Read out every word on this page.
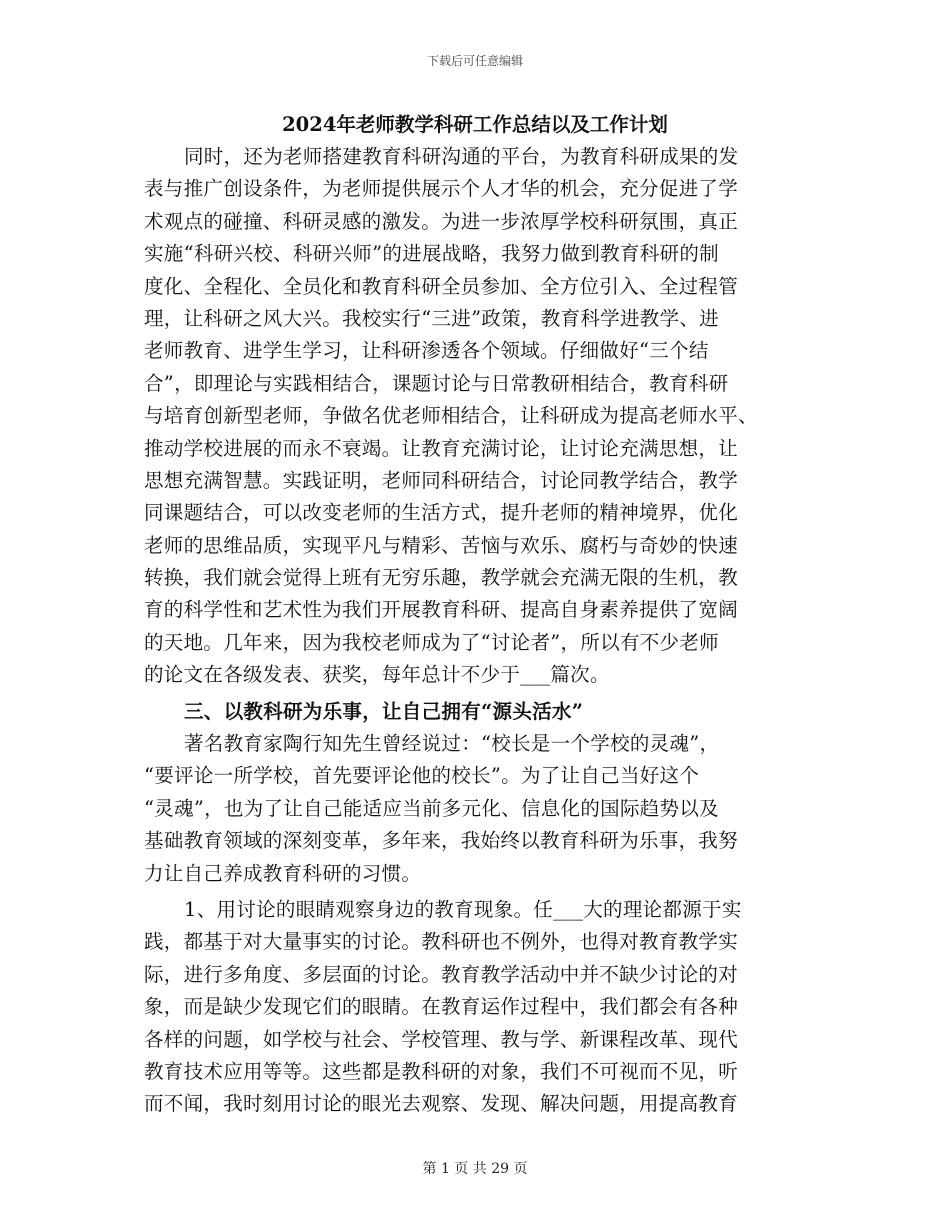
下载后可任意编辑
2024年老师教学科研工作总结以及工作计划
同时，还为老师搭建教育科研沟通的平台，为教育科研成果的发
表与推广创设条件，为老师提供展示个人才华的机会，充分促进了学
术观点的碰撞、科研灵感的激发。为进一步浓厚学校科研氛围，真正
实施“科研兴校、科研兴师”的进展战略，我努力做到教育科研的制
度化、全程化、全员化和教育科研全员参加、全方位引入、全过程管
理，让科研之风大兴。我校实行“三进”政策，教育科学进教学、进
老师教育、进学生学习，让科研渗透各个领域。仔细做好“三个结
合”，即理论与实践相结合，课题讨论与日常教研相结合，教育科研
与培育创新型老师，争做名优老师相结合，让科研成为提高老师水平、
推动学校进展的而永不衰竭。让教育充满讨论，让讨论充满思想，让
思想充满智慧。实践证明，老师同科研结合，讨论同教学结合，教学
同课题结合，可以改变老师的生活方式，提升老师的精神境界，优化
老师的思维品质，实现平凡与精彩、苦恼与欢乐、腐朽与奇妙的快速
转换，我们就会觉得上班有无穷乐趣，教学就会充满无限的生机，教
育的科学性和艺术性为我们开展教育科研、提高自身素养提供了宽阔
的天地。几年来，因为我校老师成为了“讨论者”，所以有不少老师
的论文在各级发表、获奖，每年总计不少于___篇次。
三、以教科研为乐事，让自己拥有“源头活水”
著名教育家陶行知先生曾经说过：“校长是一个学校的灵魂”，
“要评论一所学校，首先要评论他的校长”。为了让自己当好这个
“灵魂”，也为了让自己能适应当前多元化、信息化的国际趋势以及
基础教育领域的深刻变革，多年来，我始终以教育科研为乐事，我努
力让自己养成教育科研的习惯。
1、用讨论的眼睛观察身边的教育现象。任___大的理论都源于实
践，都基于对大量事实的讨论。教科研也不例外，也得对教育教学实
际，进行多角度、多层面的讨论。教育教学活动中并不缺少讨论的对
象，而是缺少发现它们的眼睛。在教育运作过程中，我们都会有各种
各样的问题，如学校与社会、学校管理、教与学、新课程改革、现代
教育技术应用等等。这些都是教科研的对象，我们不可视而不见，听
而不闻，我时刻用讨论的眼光去观察、发现、解决问题，用提高教育
第 1 页 共 29 页
